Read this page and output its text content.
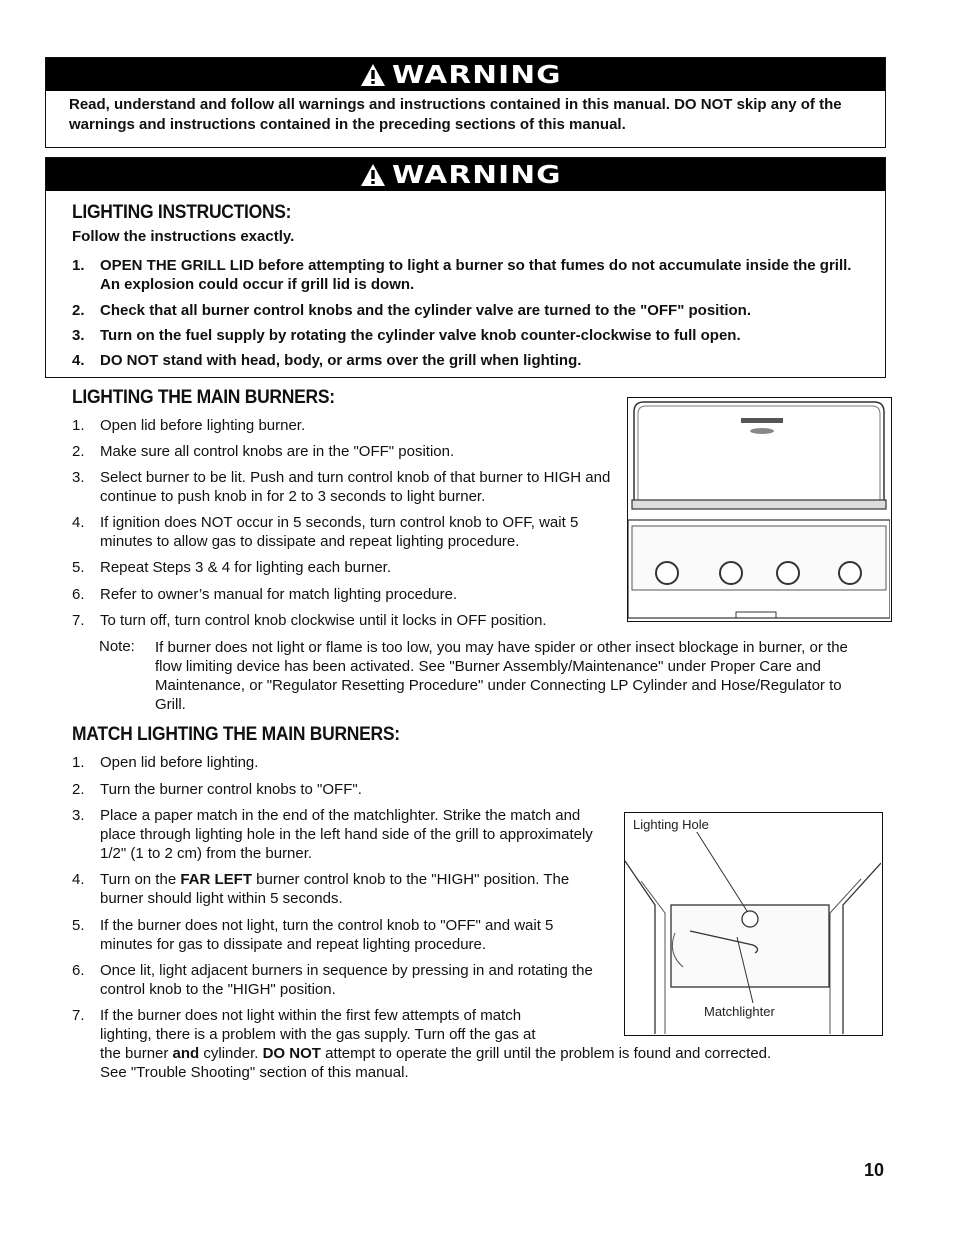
WARNING
Read, understand and follow all warnings and instructions contained in this manual. DO NOT skip any of the warnings and instructions contained in the preceding sections of this manual.
WARNING
LIGHTING INSTRUCTIONS:
Follow the instructions exactly.
1. OPEN THE GRILL LID before attempting to light a burner so that fumes do not accumulate inside the grill. An explosion could occur if grill lid is down.
2. Check that all burner control knobs and the cylinder valve are turned to the "OFF" position.
3. Turn on the fuel supply by rotating the cylinder valve knob counter-clockwise to full open.
4. DO NOT stand with head, body, or arms over the grill when lighting.
LIGHTING THE MAIN BURNERS:
1. Open lid before lighting burner.
2. Make sure all control knobs are in the "OFF" position.
3. Select burner to be lit. Push and turn control knob of that burner to HIGH and continue to push knob in for 2 to 3 seconds to light burner.
4. If ignition does NOT occur in 5 seconds, turn control knob to OFF, wait 5 minutes to allow gas to dissipate and repeat lighting procedure.
5. Repeat Steps 3 & 4 for lighting each burner.
6. Refer to owner’s manual for match lighting procedure.
7. To turn off, turn control knob clockwise until it locks in OFF position.
Note: If burner does not light or flame is too low, you may have spider or other insect blockage in burner, or the flow limiting device has been activated. See "Burner Assembly/Maintenance" under Proper Care and Maintenance, or "Regulator Resetting Procedure" under Connecting LP Cylinder and Hose/Regulator to Grill.
MATCH LIGHTING THE MAIN BURNERS:
1. Open lid before lighting.
2. Turn the burner control knobs to "OFF".
3. Place a paper match in the end of the matchlighter. Strike the match and place through lighting hole in the left hand side of the grill to approximately 1/2" (1 to 2 cm) from the burner.
4. Turn on the FAR LEFT burner control knob to the "HIGH" position. The burner should light within 5 seconds.
5. If the burner does not light, turn the control knob to "OFF" and wait 5 minutes for gas to dissipate and repeat lighting procedure.
6. Once lit, light adjacent burners in sequence by pressing in and rotating the control knob to the "HIGH" position.
7. If the burner does not light within the first few attempts of match
lighting, there is a problem with the gas supply. Turn off the gas at
the burner and cylinder. DO NOT attempt to operate the grill until the problem is found and corrected.
See "Trouble Shooting" section of this manual.
Lighting Hole
Matchlighter
10
